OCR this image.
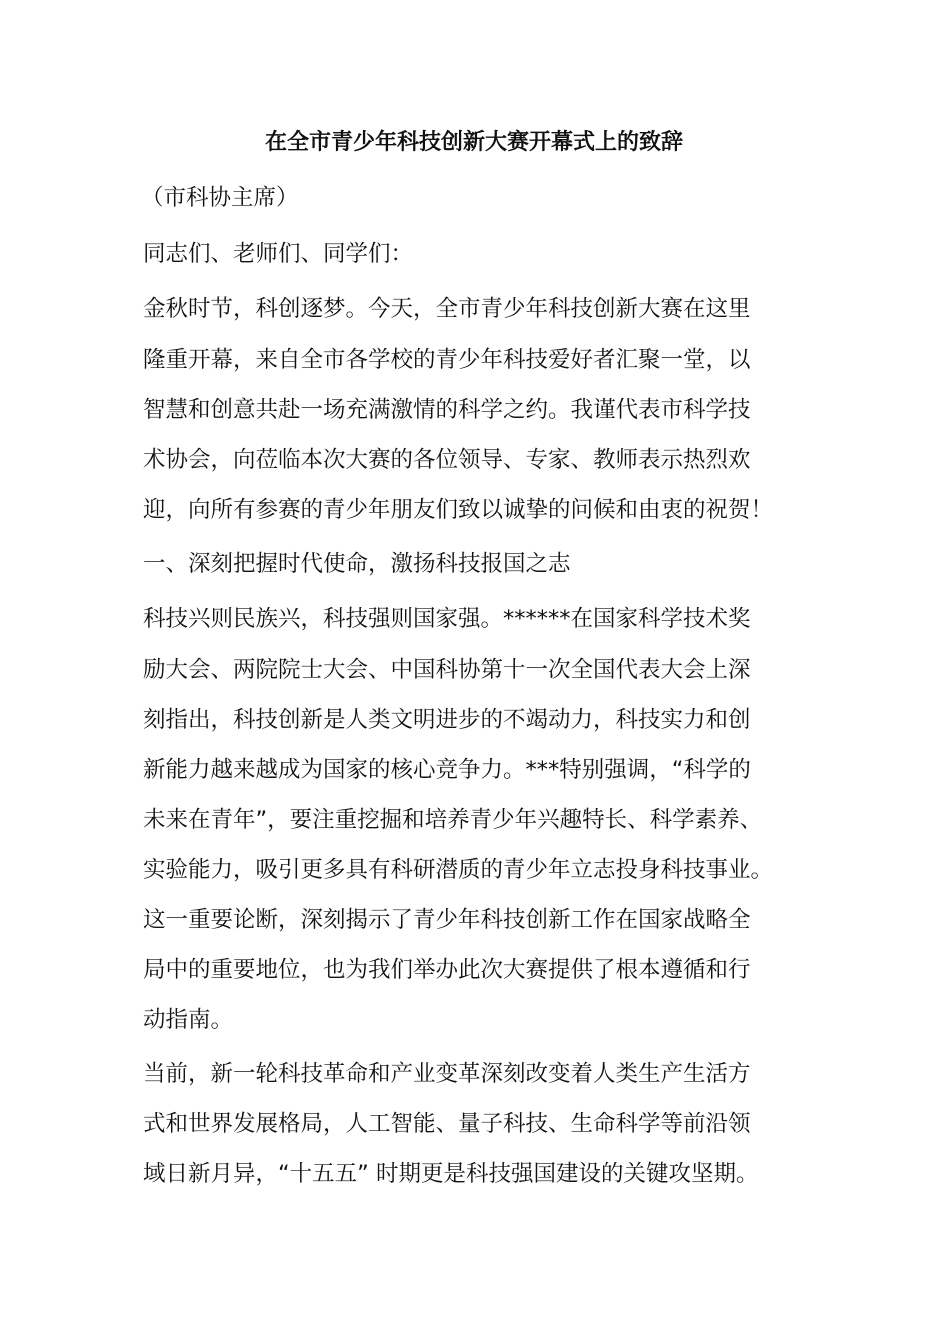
在全市青少年科技创新大赛开幕式上的致辞
（市科协主席）
同志们、老师们、同学们：
金秋时节，科创逐梦。今天，全市青少年科技创新大赛在这里
隆重开幕，来自全市各学校的青少年科技爱好者汇聚一堂，以
智慧和创意共赴一场充满激情的科学之约。我谨代表市科学技
术协会，向莅临本次大赛的各位领导、专家、教师表示热烈欢
迎，向所有参赛的青少年朋友们致以诚挚的问候和由衷的祝贺！
一、深刻把握时代使命，激扬科技报国之志
科技兴则民族兴，科技强则国家强。******在国家科学技术奖
励大会、两院院士大会、中国科协第十一次全国代表大会上深
刻指出，科技创新是人类文明进步的不竭动力，科技实力和创
新能力越来越成为国家的核心竞争力。***特别强调，“科学的
未来在青年”，要注重挖掘和培养青少年兴趣特长、科学素养、
实验能力，吸引更多具有科研潜质的青少年立志投身科技事业。
这一重要论断，深刻揭示了青少年科技创新工作在国家战略全
局中的重要地位，也为我们举办此次大赛提供了根本遵循和行
动指南。
当前，新一轮科技革命和产业变革深刻改变着人类生产生活方
式和世界发展格局，人工智能、量子科技、生命科学等前沿领
域日新月异，“十五五” 时期更是科技强国建设的关键攻坚期。
